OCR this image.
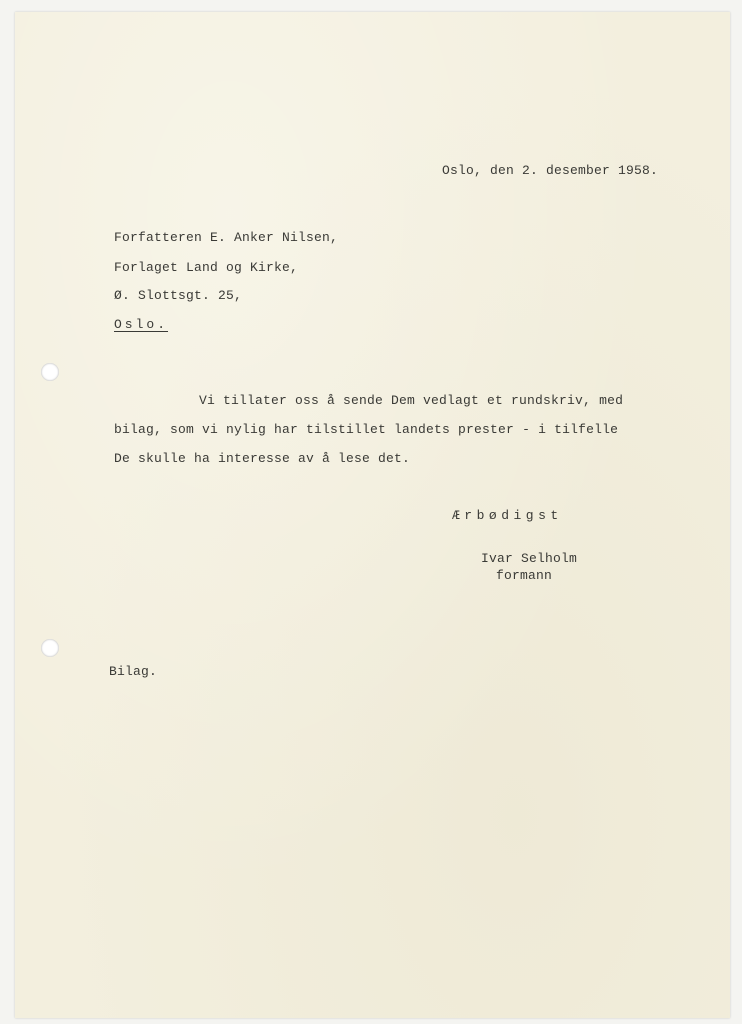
Oslo, den 2. desember 1958.
Forfatteren E. Anker Nilsen,
Forlaget Land og Kirke,
Ø. Slottsgt. 25,
Oslo.
Vi tillater oss å sende Dem vedlagt et rundskriv, med
bilag, som vi nylig har tilstillet landets prester - i tilfelle
De skulle ha interesse av å lese det.
Ærbødigst
Ivar Selholm
formann
Bilag.
